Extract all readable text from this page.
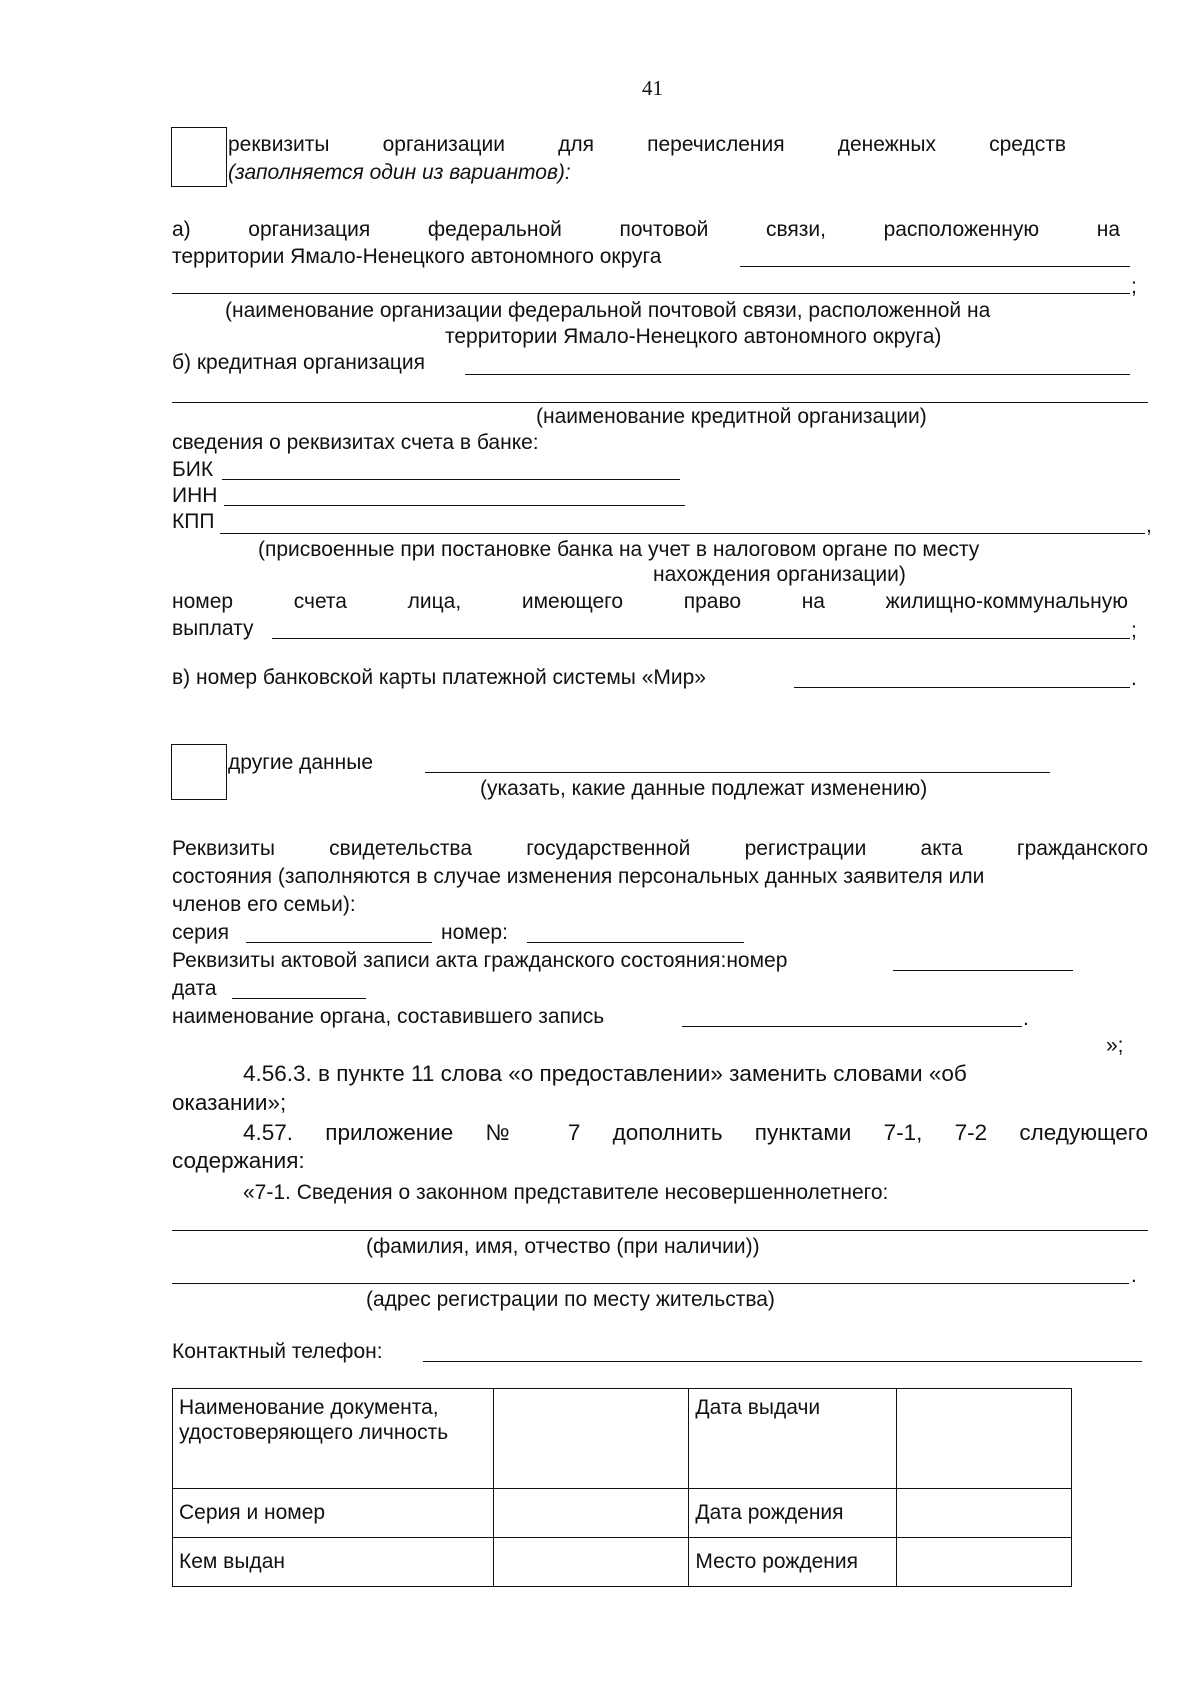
41
реквизиты организации для перечисления денежных средств
(заполняется один из вариантов):
а) организация федеральной почтовой связи, расположенную на
территории Ямало-Ненецкого автономного округа
;
(наименование организации федеральной почтовой связи, расположенной на
территории Ямало-Ненецкого автономного округа)
б) кредитная организация
(наименование кредитной организации)
сведения о реквизитах счета в банке:
БИК
ИНН
КПП	,
(присвоенные при постановке банка на учет в налоговом органе по месту
нахождения организации)
номер счета лица, имеющего право на жилищно-коммунальную
выплату	;
в) номер банковской карты платежной системы «Мир»	.
другие данные
(указать, какие данные подлежат изменению)
Реквизиты свидетельства государственной регистрации акта гражданского
состояния (заполняются в случае изменения персональных данных заявителя или
членов его семьи):
серия	номер:
Реквизиты актовой записи акта гражданского состояния:номер
дата
наименование органа, составившего запись	.
»;
4.56.3. в пункте 11 слова «о предоставлении» заменить словами «об
оказании»;
4.57. приложение № 7 дополнить пунктами 7-1, 7-2 следующего
содержания:
«7-1. Сведения о законном представителе несовершеннолетнего:
(фамилия, имя, отчество (при наличии))
.
(адрес регистрации по месту жительства)
Контактный телефон:
Наименование документа, удостоверяющего личность		Дата выдачи	
Серия и номер		Дата рождения	
Кем выдан		Место рождения	
